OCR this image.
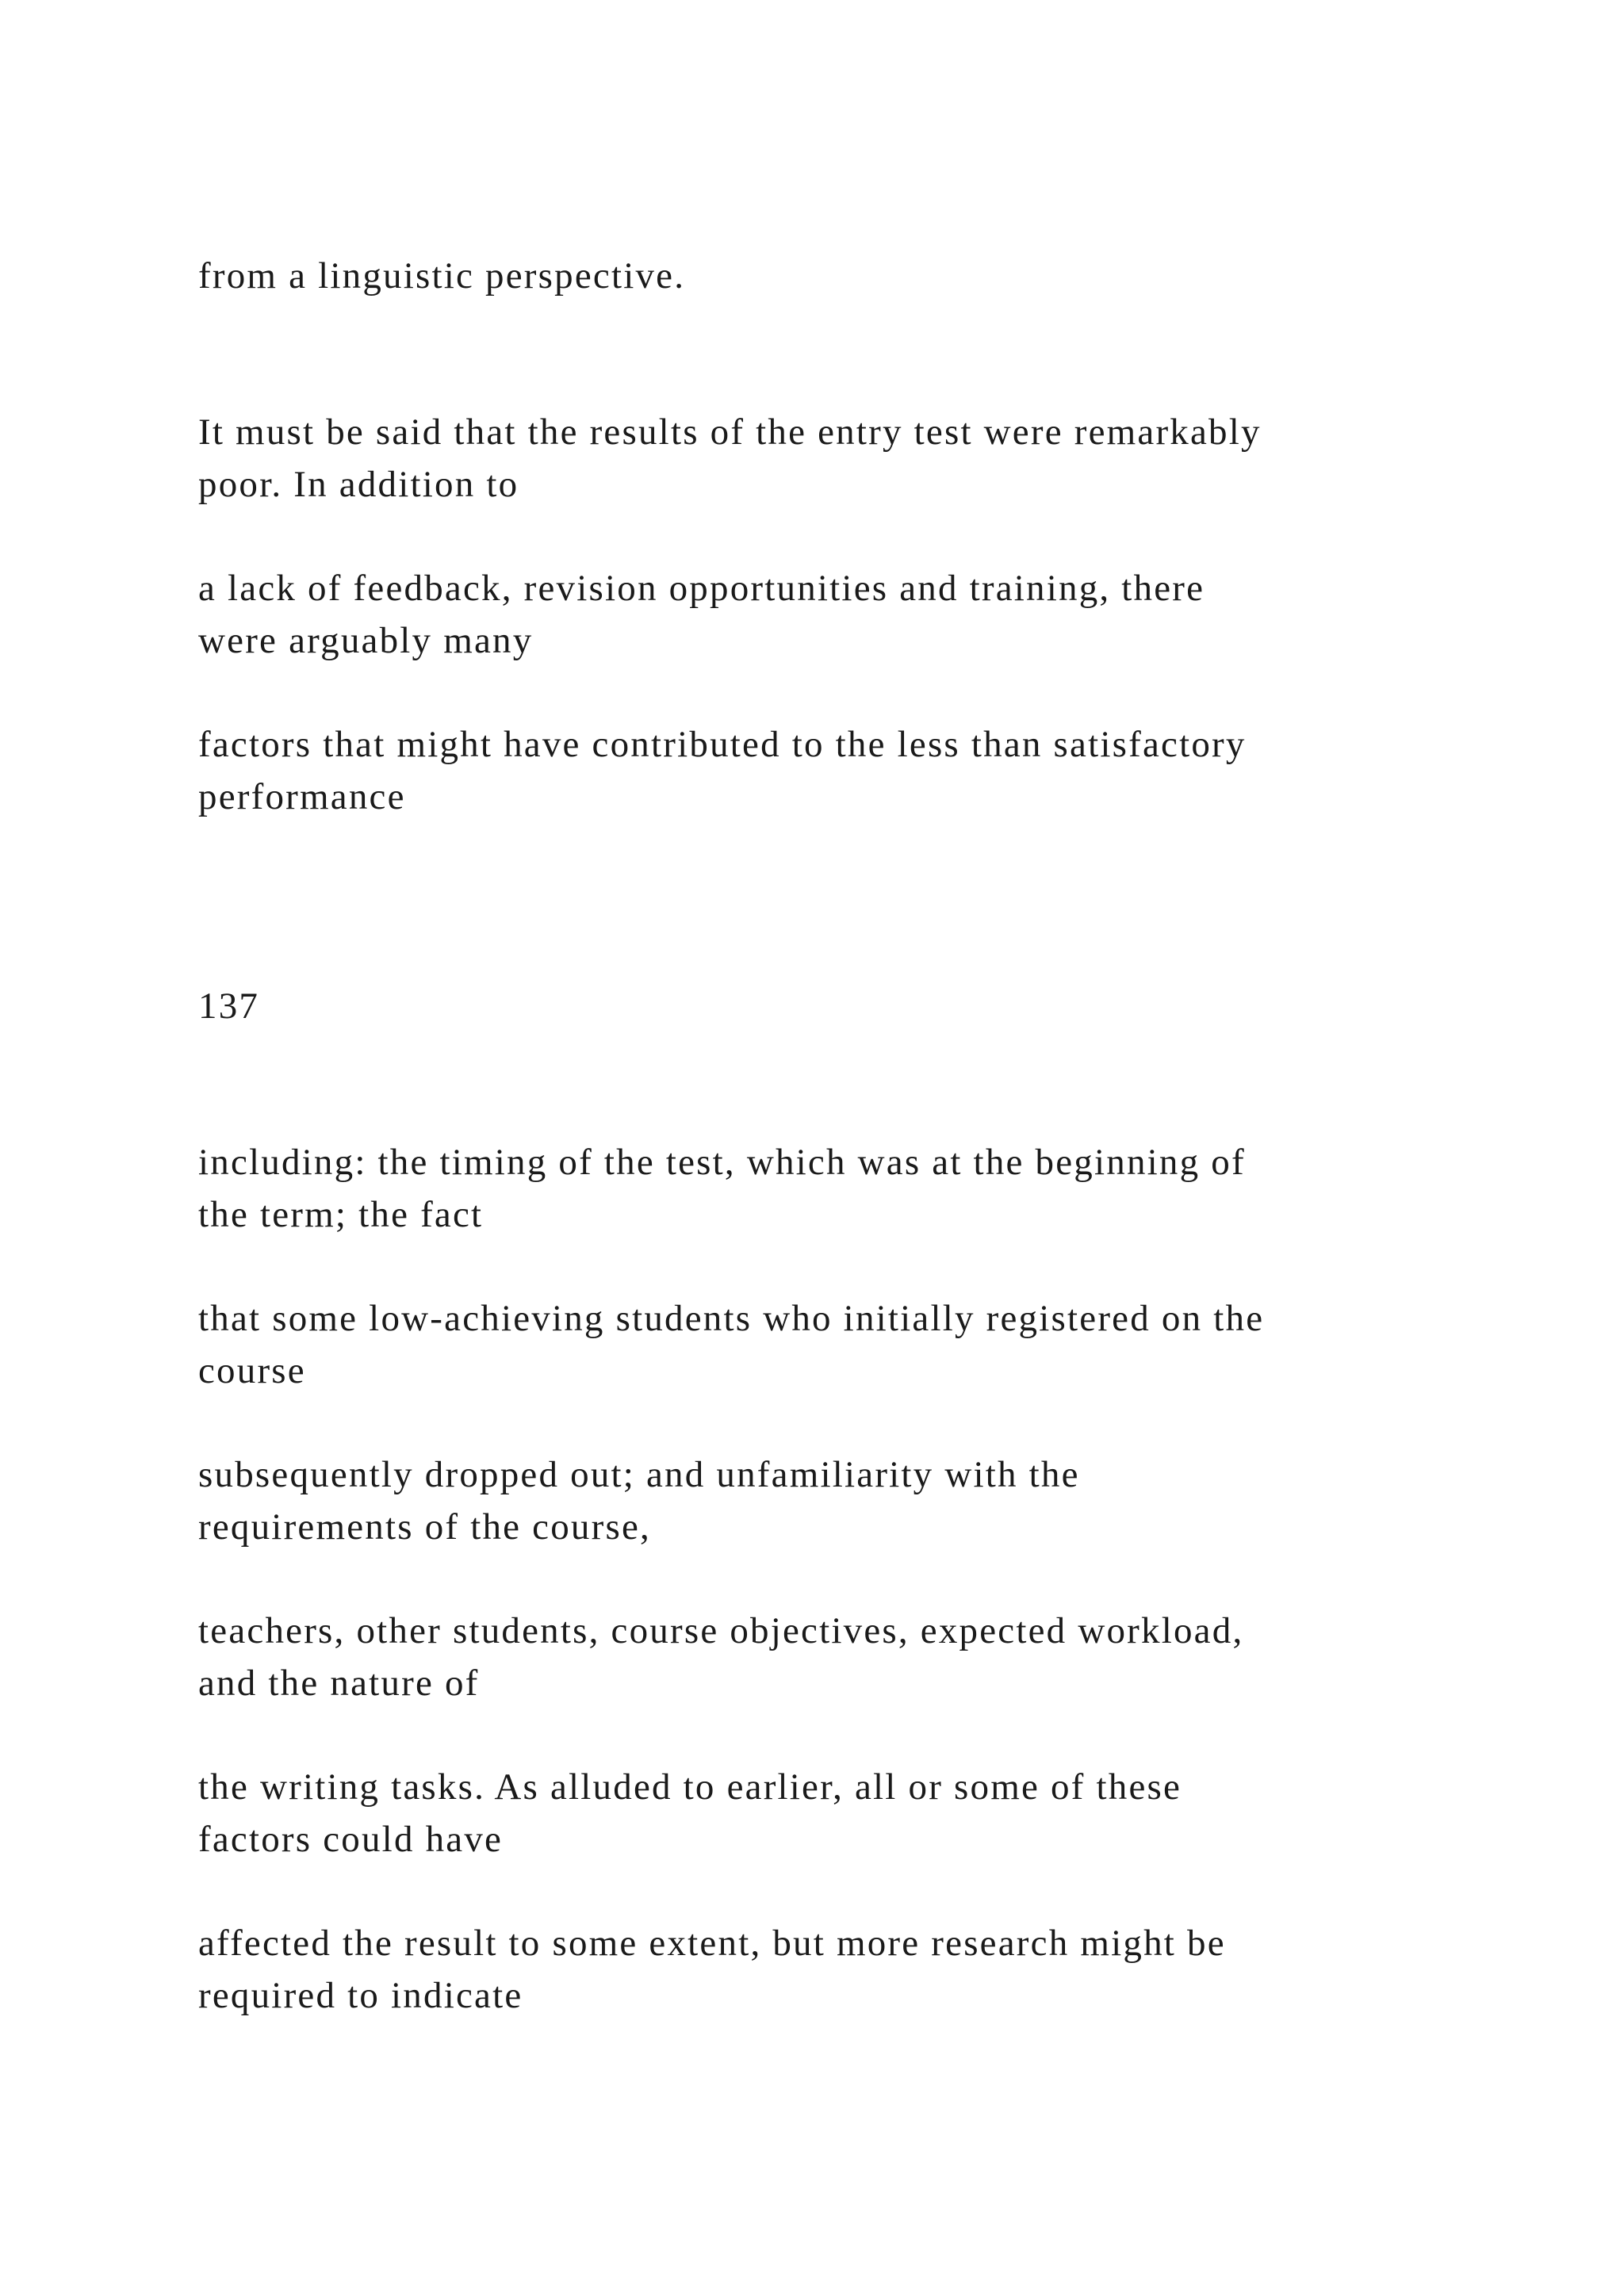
from a linguistic perspective.

It must be said that the results of the entry test were remarkably
poor. In addition to

a lack of feedback, revision opportunities and training, there
were arguably many

factors that might have contributed to the less than satisfactory
performance

137

including: the timing of the test, which was at the beginning of
the term; the fact

that some low-achieving students who initially registered on the
course

subsequently dropped out; and unfamiliarity with the
requirements of the course,

teachers, other students, course objectives, expected workload,
and the nature of

the writing tasks. As alluded to earlier, all or some of these
factors could have

affected the result to some extent, but more research might be
required to indicate
